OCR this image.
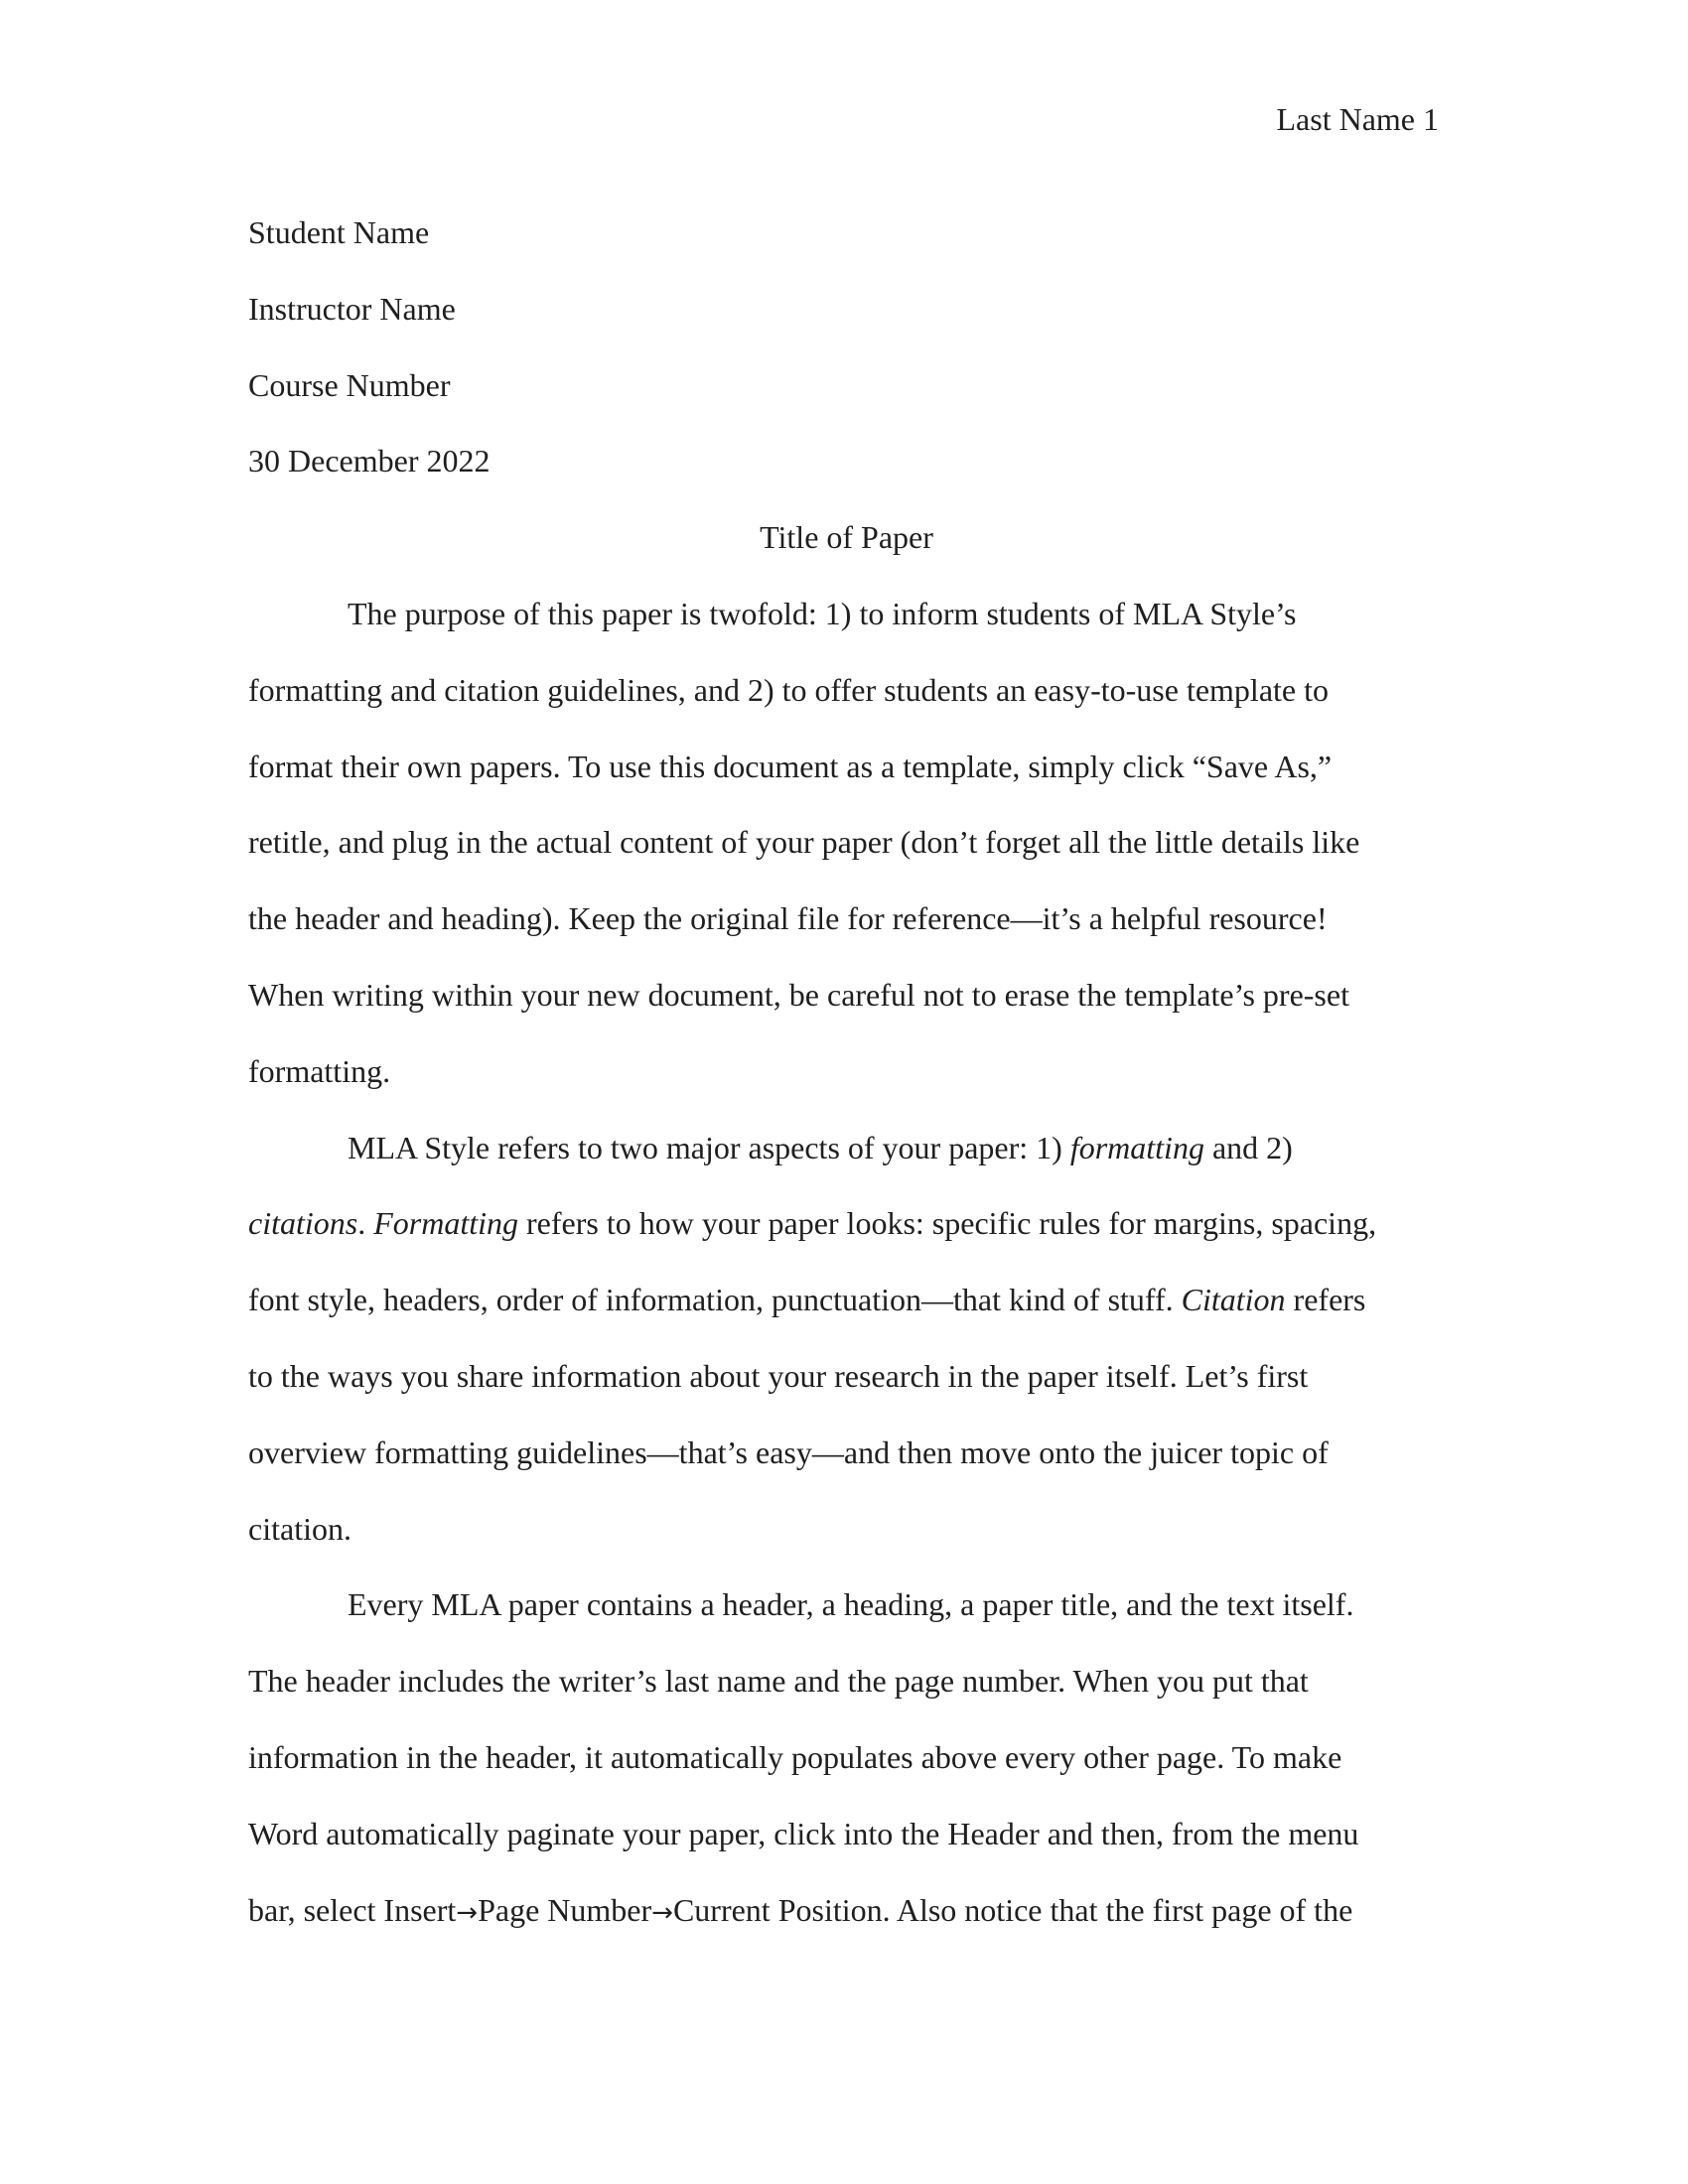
Last Name 1

Student Name

Instructor Name

Course Number

30 December 2022

Title of Paper

The purpose of this paper is twofold: 1) to inform students of MLA Style’s
formatting and citation guidelines, and 2) to offer students an easy-to-use template to
format their own papers. To use this document as a template, simply click “Save As,”
retitle, and plug in the actual content of your paper (don’t forget all the little details like
the header and heading). Keep the original file for reference—it’s a helpful resource!
When writing within your new document, be careful not to erase the template’s pre-set
formatting.

MLA Style refers to two major aspects of your paper: 1) formatting and 2)
citations. Formatting refers to how your paper looks: specific rules for margins, spacing,
font style, headers, order of information, punctuation—that kind of stuff. Citation refers
to the ways you share information about your research in the paper itself. Let’s first
overview formatting guidelines—that’s easy—and then move onto the juicer topic of
citation.

Every MLA paper contains a header, a heading, a paper title, and the text itself.
The header includes the writer’s last name and the page number. When you put that
information in the header, it automatically populates above every other page. To make
Word automatically paginate your paper, click into the Header and then, from the menu
bar, select Insert→Page Number→Current Position. Also notice that the first page of the
